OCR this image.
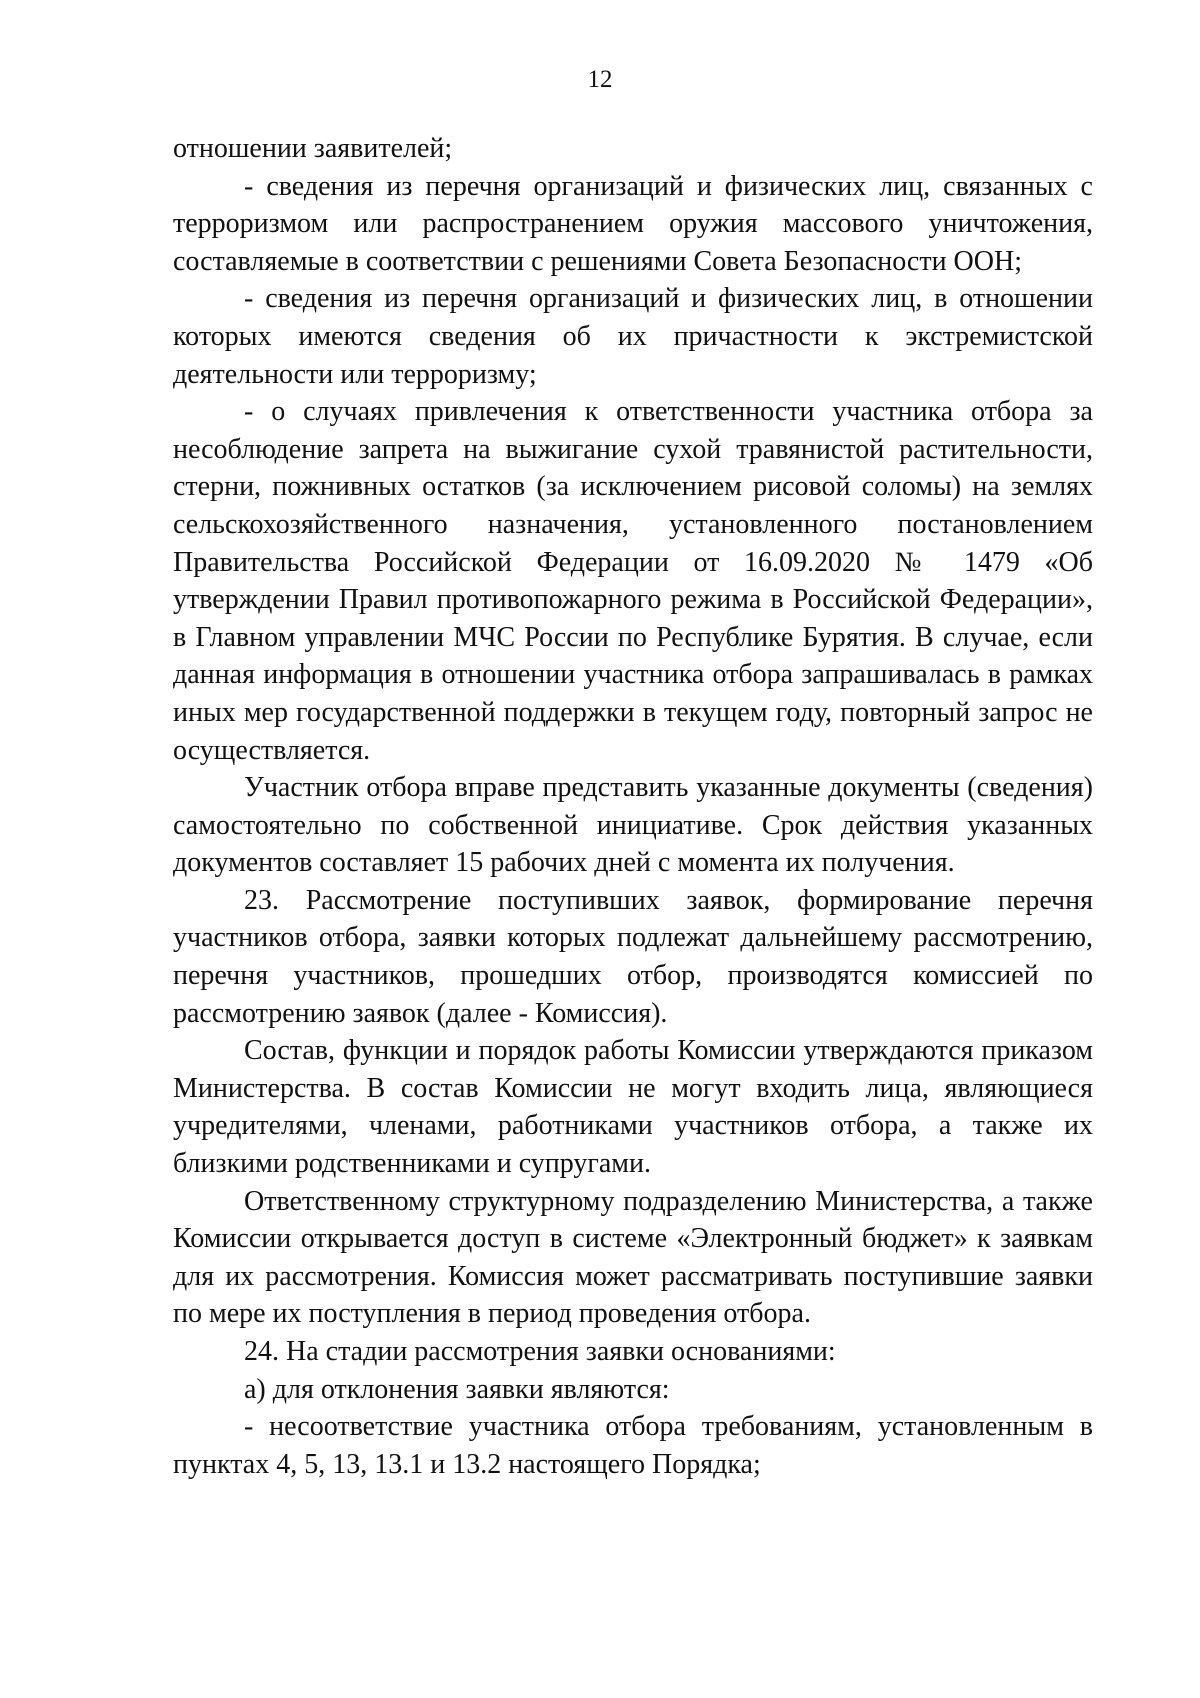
12

отношении заявителей;

- сведения из перечня организаций и физических лиц, связанных с терроризмом или распространением оружия массового уничтожения, составляемые в соответствии с решениями Совета Безопасности ООН;

- сведения из перечня организаций и физических лиц, в отношении которых имеются сведения об их причастности к экстремистской деятельности или терроризму;

- о случаях привлечения к ответственности участника отбора за несоблюдение запрета на выжигание сухой травянистой растительности, стерни, пожнивных остатков (за исключением рисовой соломы) на землях сельскохозяйственного назначения, установленного постановлением Правительства Российской Федерации от 16.09.2020 № 1479 «Об утверждении Правил противопожарного режима в Российской Федерации», в Главном управлении МЧС России по Республике Бурятия. В случае, если данная информация в отношении участника отбора запрашивалась в рамках иных мер государственной поддержки в текущем году, повторный запрос не осуществляется.

Участник отбора вправе представить указанные документы (сведения) самостоятельно по собственной инициативе. Срок действия указанных документов составляет 15 рабочих дней с момента их получения.

23. Рассмотрение поступивших заявок, формирование перечня участников отбора, заявки которых подлежат дальнейшему рассмотрению, перечня участников, прошедших отбор, производятся комиссией по рассмотрению заявок (далее - Комиссия).

Состав, функции и порядок работы Комиссии утверждаются приказом Министерства. В состав Комиссии не могут входить лица, являющиеся учредителями, членами, работниками участников отбора, а также их близкими родственниками и супругами.

Ответственному структурному подразделению Министерства, а также Комиссии открывается доступ в системе «Электронный бюджет» к заявкам для их рассмотрения. Комиссия может рассматривать поступившие заявки по мере их поступления в период проведения отбора.

24. На стадии рассмотрения заявки основаниями:

а) для отклонения заявки являются:

- несоответствие участника отбора требованиям, установленным в пунктах 4, 5, 13, 13.1 и 13.2 настоящего Порядка;
